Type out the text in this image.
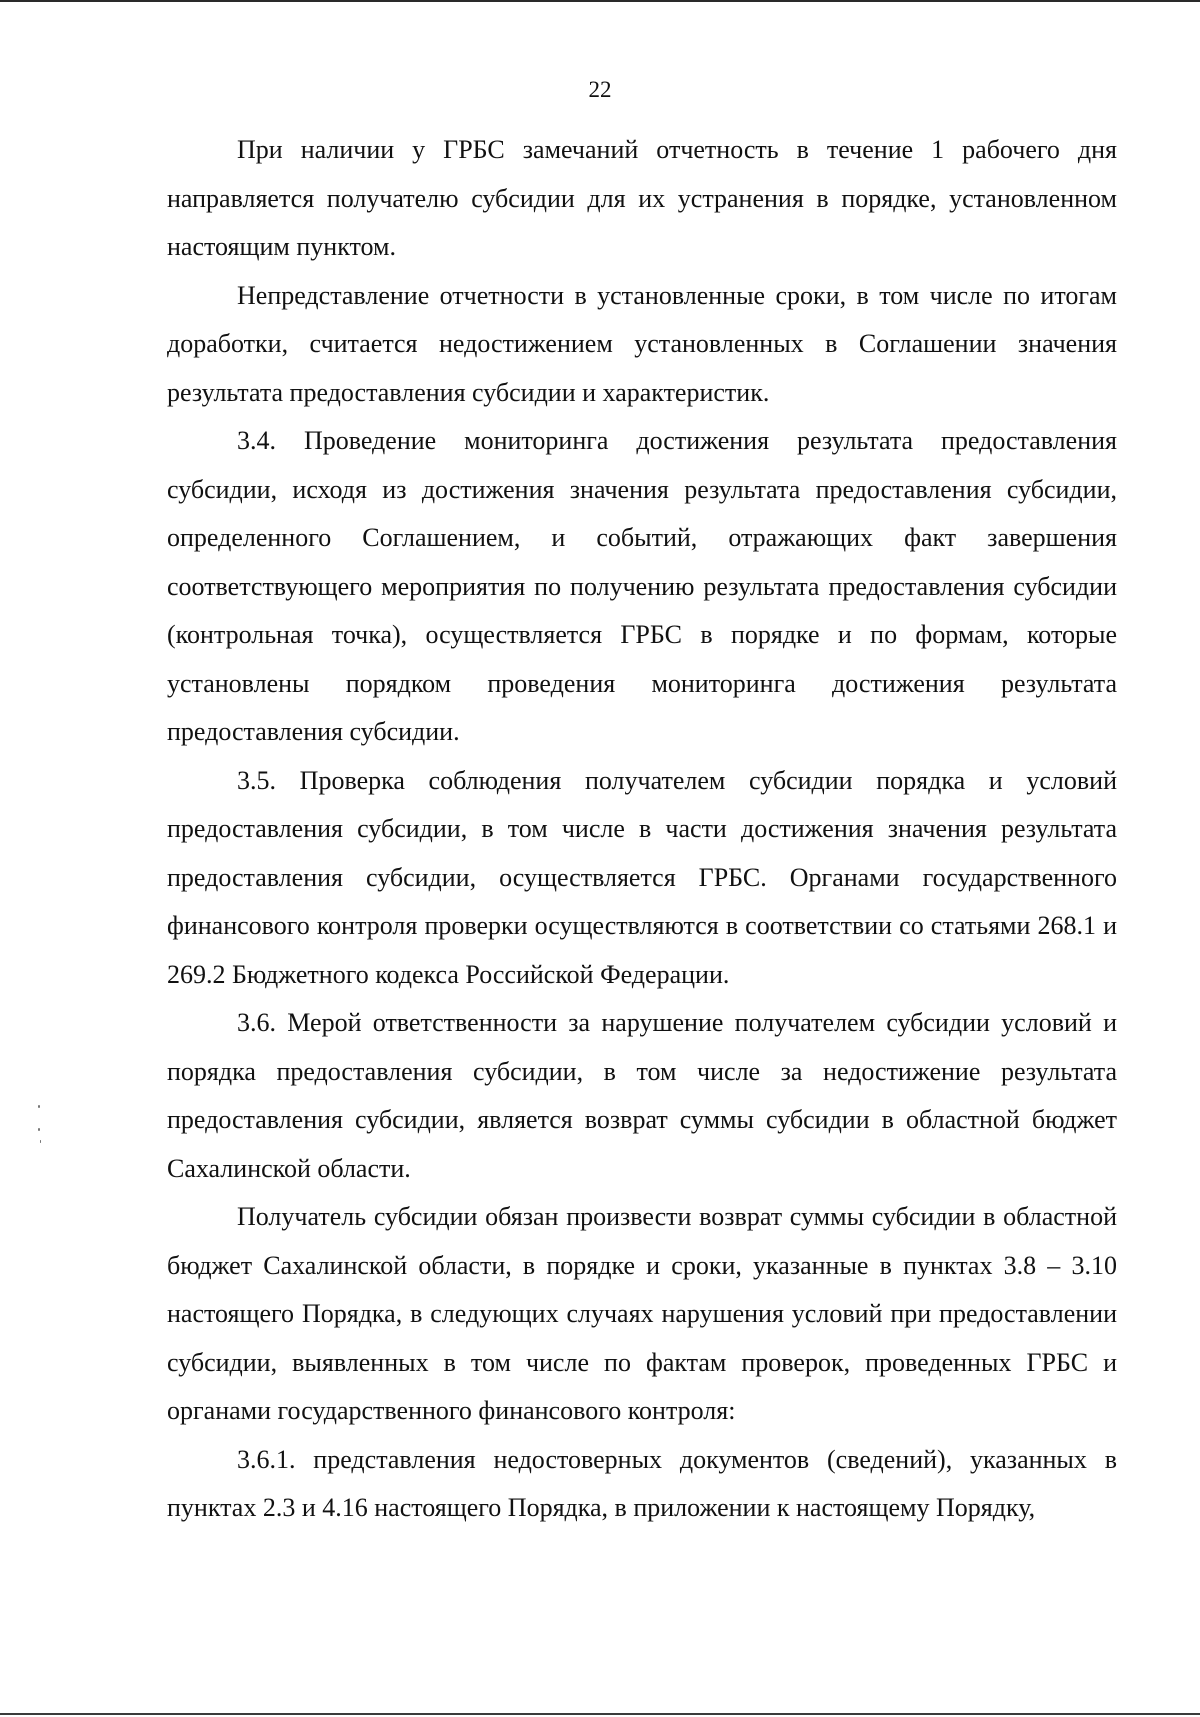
22

При наличии у ГРБС замечаний отчетность в течение 1 рабочего дня направляется получателю субсидии для их устранения в порядке, установленном настоящим пунктом.

Непредставление отчетности в установленные сроки, в том числе по итогам доработки, считается недостижением установленных в Соглашении значения результата предоставления субсидии и характеристик.

3.4. Проведение мониторинга достижения результата предоставления субсидии, исходя из достижения значения результата предоставления субсидии, определенного Соглашением, и событий, отражающих факт завершения соответствующего мероприятия по получению результата предоставления субсидии (контрольная точка), осуществляется ГРБС в порядке и по формам, которые установлены порядком проведения мониторинга достижения результата предоставления субсидии.

3.5. Проверка соблюдения получателем субсидии порядка и условий предоставления субсидии, в том числе в части достижения значения результата предоставления субсидии, осуществляется ГРБС. Органами государственного финансового контроля проверки осуществляются в соответствии со статьями 268.1 и 269.2 Бюджетного кодекса Российской Федерации.

3.6. Мерой ответственности за нарушение получателем субсидии условий и порядка предоставления субсидии, в том числе за недостижение результата предоставления субсидии, является возврат суммы субсидии в областной бюджет Сахалинской области.

Получатель субсидии обязан произвести возврат суммы субсидии в областной бюджет Сахалинской области, в порядке и сроки, указанные в пунктах 3.8 – 3.10 настоящего Порядка, в следующих случаях нарушения условий при предоставлении субсидии, выявленных в том числе по фактам проверок, проведенных ГРБС и органами государственного финансового контроля:

3.6.1. представления недостоверных документов (сведений), указанных в пунктах 2.3 и 4.16 настоящего Порядка, в приложении к настоящему Порядку,
